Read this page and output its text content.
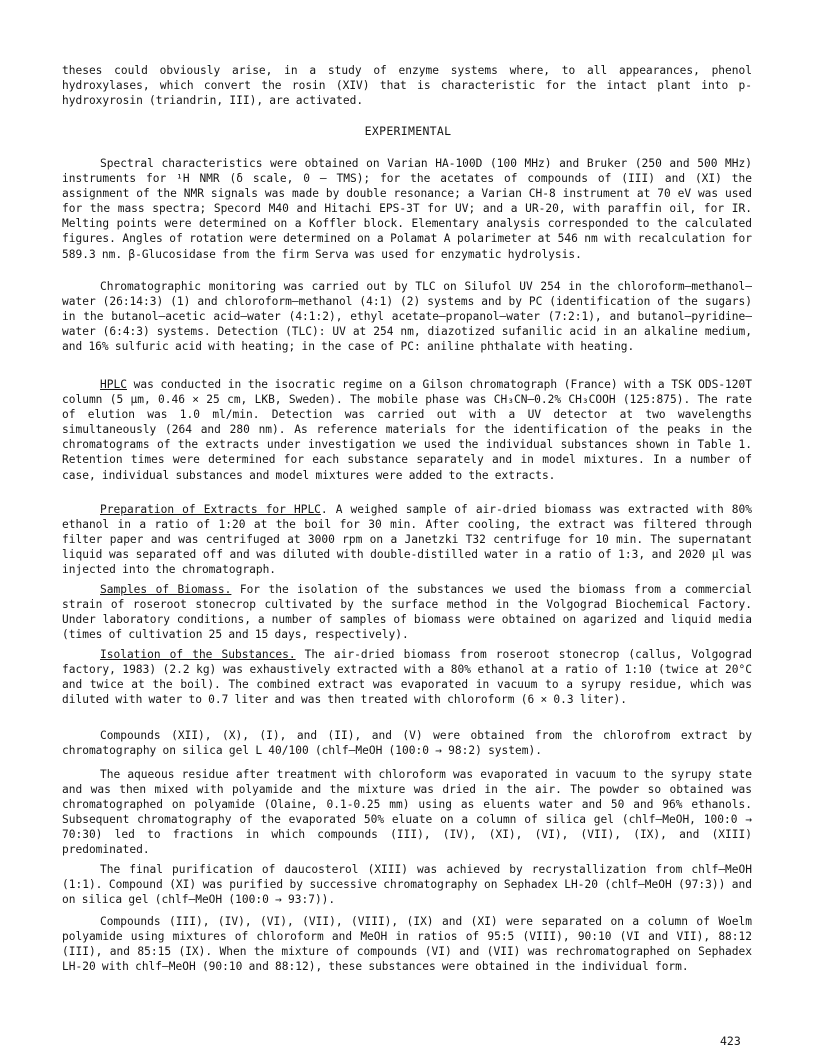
theses could obviously arise, in a study of enzyme systems where, to all appearances, phenol hydroxylases, which convert the rosin (XIV) that is characteristic for the intact plant into p-hydroxyrosin (triandrin, III), are activated.

EXPERIMENTAL

Spectral characteristics were obtained on Varian HA-100D (100 MHz) and Bruker (250 and 500 MHz) instruments for ¹H NMR (δ scale, 0 — TMS); for the acetates of compounds of (III) and (XI) the assignment of the NMR signals was made by double resonance; a Varian CH-8 instrument at 70 eV was used for the mass spectra; Specord M40 and Hitachi EPS-3T for UV; and a UR-20, with paraffin oil, for IR. Melting points were determined on a Koffler block. Elementary analysis corresponded to the calculated figures. Angles of rotation were determined on a Polamat A polarimeter at 546 nm with recalculation for 589.3 nm. β-Glucosidase from the firm Serva was used for enzymatic hydrolysis.

Chromatographic monitoring was carried out by TLC on Silufol UV 254 in the chloroform—methanol—water (26:14:3) (1) and chloroform—methanol (4:1) (2) systems and by PC (identification of the sugars) in the butanol—acetic acid—water (4:1:2), ethyl acetate—propanol—water (7:2:1), and butanol—pyridine—water (6:4:3) systems. Detection (TLC): UV at 254 nm, diazotized sufanilic acid in an alkaline medium, and 16% sulfuric acid with heating; in the case of PC: aniline phthalate with heating.

HPLC was conducted in the isocratic regime on a Gilson chromatograph (France) with a TSK ODS-120T column (5 μm, 0.46 × 25 cm, LKB, Sweden). The mobile phase was CH₃CN—0.2% CH₃COOH (125:875). The rate of elution was 1.0 ml/min. Detection was carried out with a UV detector at two wavelengths simultaneously (264 and 280 nm). As reference materials for the identification of the peaks in the chromatograms of the extracts under investigation we used the individual substances shown in Table 1. Retention times were determined for each substance separately and in model mixtures. In a number of case, individual substances and model mixtures were added to the extracts.

Preparation of Extracts for HPLC. A weighed sample of air-dried biomass was extracted with 80% ethanol in a ratio of 1:20 at the boil for 30 min. After cooling, the extract was filtered through filter paper and was centrifuged at 3000 rpm on a Janetzki T32 centrifuge for 10 min. The supernatant liquid was separated off and was diluted with double-distilled water in a ratio of 1:3, and 2020 μl was injected into the chromatograph.

Samples of Biomass. For the isolation of the substances we used the biomass from a commercial strain of roseroot stonecrop cultivated by the surface method in the Volgograd Biochemical Factory. Under laboratory conditions, a number of samples of biomass were obtained on agarized and liquid media (times of cultivation 25 and 15 days, respectively).

Isolation of the Substances. The air-dried biomass from roseroot stonecrop (callus, Volgograd factory, 1983) (2.2 kg) was exhaustively extracted with a 80% ethanol at a ratio of 1:10 (twice at 20°C and twice at the boil). The combined extract was evaporated in vacuum to a syrupy residue, which was diluted with water to 0.7 liter and was then treated with chloroform (6 × 0.3 liter).

Compounds (XII), (X), (I), and (II), and (V) were obtained from the chlorofrom extract by chromatography on silica gel L 40/100 (chlf—MeOH (100:0 → 98:2) system).

The aqueous residue after treatment with chloroform was evaporated in vacuum to the syrupy state and was then mixed with polyamide and the mixture was dried in the air. The powder so obtained was chromatographed on polyamide (Olaine, 0.1-0.25 mm) using as eluents water and 50 and 96% ethanols. Subsequent chromatography of the evaporated 50% eluate on a column of silica gel (chlf—MeOH, 100:0 → 70:30) led to fractions in which compounds (III), (IV), (XI), (VI), (VII), (IX), and (XIII) predominated.

The final purification of daucosterol (XIII) was achieved by recrystallization from chlf—MeOH (1:1). Compound (XI) was purified by successive chromatography on Sephadex LH-20 (chlf—MeOH (97:3)) and on silica gel (chlf—MeOH (100:0 → 93:7)).

Compounds (III), (IV), (VI), (VII), (VIII), (IX) and (XI) were separated on a column of Woelm polyamide using mixtures of chloroform and MeOH in ratios of 95:5 (VIII), 90:10 (VI and VII), 88:12 (III), and 85:15 (IX). When the mixture of compounds (VI) and (VII) was rechromatographed on Sephadex LH-20 with chlf—MeOH (90:10 and 88:12), these substances were obtained in the individual form.

423
